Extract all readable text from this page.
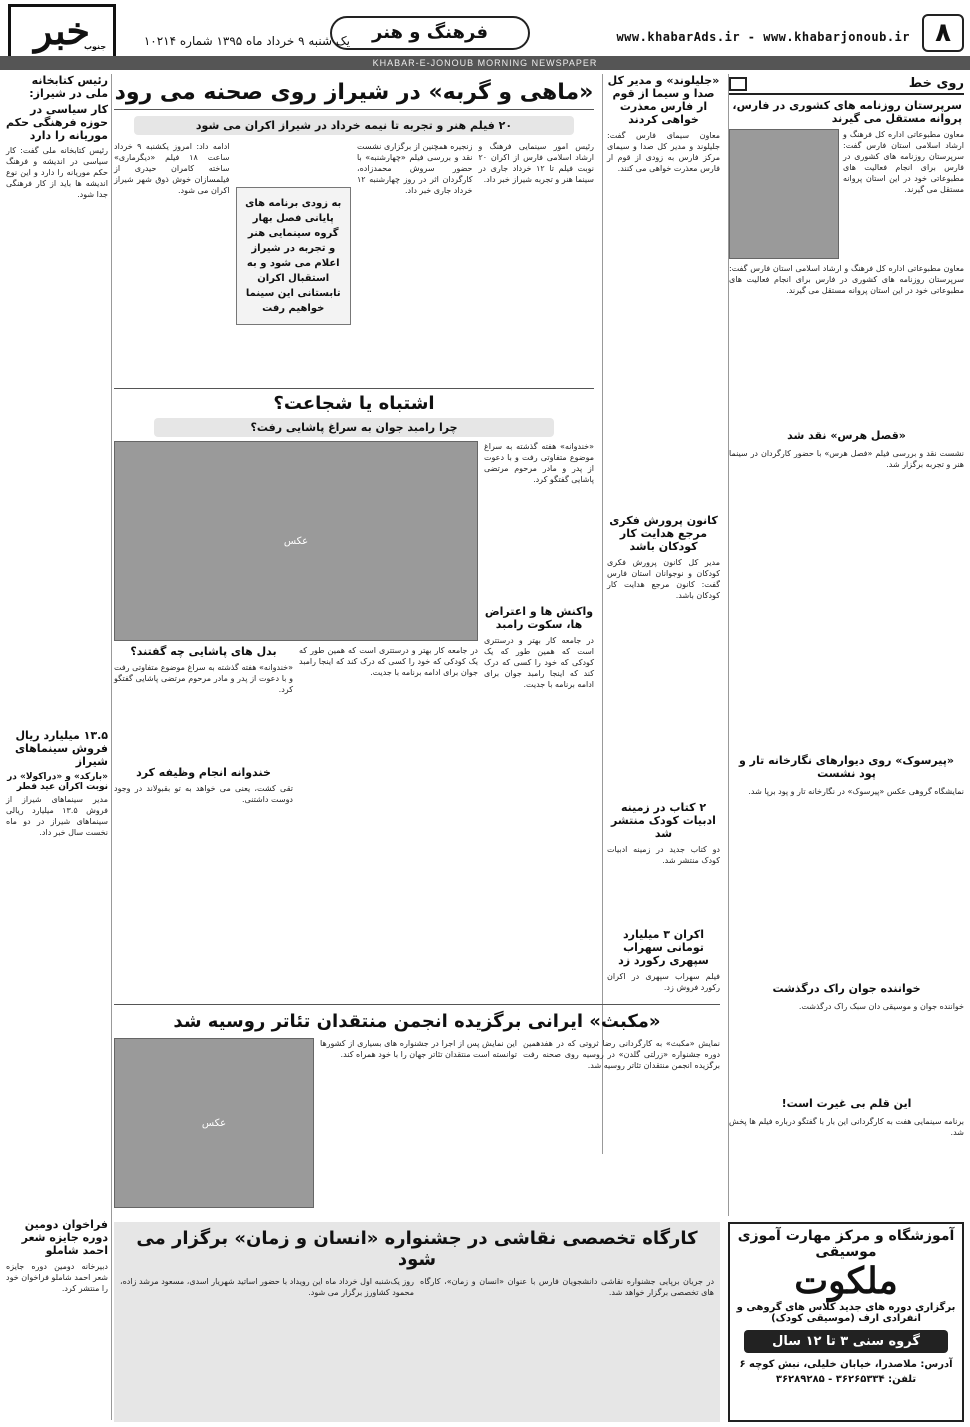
۸
www.khabarAds.ir - www.khabarjonoub.ir
فرهنگ و هنر
یک شنبه ۹ خرداد ماه ۱۳۹۵ شماره ۱۰۲۱۴
خبر
جنوب
KHABAR-E-JONOUB MORNING NEWSPAPER
روی خط
سرپرستان روزنامه های کشوری در فارس، پروانه مستقل می گیرند
معاون مطبوعاتی اداره کل فرهنگ و ارشاد اسلامی استان فارس گفت: سرپرستان روزنامه های کشوری در فارس برای انجام فعالیت های مطبوعاتی خود در این استان پروانه مستقل می گیرند.
معاون مطبوعاتی اداره کل فرهنگ و ارشاد اسلامی استان فارس گفت: سرپرستان روزنامه های کشوری در فارس برای انجام فعالیت های مطبوعاتی خود در این استان پروانه مستقل می گیرند.
«قصل هرس» نقد شد
نشست نقد و بررسی فیلم «فصل هرس» با حضور کارگردان در سینما هنر و تجربه برگزار شد.
«پیرسوک» روی دیوارهای نگارخانه تار و پود نشست
نمایشگاه گروهی عکس «پیرسوک» در نگارخانه تار و پود برپا شد.
خواننده جوان راک درگذشت
خواننده جوان و موسیقی دان سبک راک درگذشت.
این قلم بی غیرت است!
برنامه سینمایی هفت به کارگردانی این بار با گفتگو درباره فیلم ها پخش شد.
آموزشگاه و مرکز مهارت آموزی موسیقی
ملکوت
برگزاری دوره های جدید کلاس های گروهی و انفرادی ارف (موسیقی کودک)
گروه سنی ۳ تا ۱۲ سال
آدرس: ملاصدرا، خیابان خلیلی، نبش کوچه ۶
تلفن: ۳۶۲۶۵۳۳۴ - ۳۶۲۸۹۲۸۵
«جلیلوند» و مدیر کل صدا و سیما از قوم ار فارس معذرت خواهی کردند
معاون سیمای فارس گفت: جلیلوند و مدیر کل صدا و سیمای مرکز فارس به زودی از قوم ار فارس معذرت خواهی می کنند.
کانون پرورش فکری مرجع هدایت کار کودکان باشد
مدیر کل کانون پرورش فکری کودکان و نوجوانان استان فارس گفت: کانون مرجع هدایت کار کودکان باشد.
۲ کتاب در زمینه ادبیات کودک منتشر شد
دو کتاب جدید در زمینه ادبیات کودک منتشر شد.
اکران ۳ میلیارد تومانی سهراب سپهری رکورد زد
فیلم سهراب سپهری در اکران رکورد فروش زد.
«ماهی و گربه» در شیراز روی صحنه می رود
۲۰ فیلم هنر و تجربه تا نیمه خرداد در شیراز اکران می شود
رئیس امور سینمایی فرهنگ و ارشاد اسلامی فارس از اکران ۲۰ نوبت فیلم تا ۱۲ خرداد جاری در سینما هنر و تجربه شیراز خبر داد.
زنجیره همچنین از برگزاری نشست نقد و بررسی فیلم «چهارشنبه» با حضور سروش محمدزاده، کارگردان اثر در روز چهارشنبه ۱۲ خرداد جاری خبر داد.
به زودی برنامه های پایانی فصل بهار گروه سینمایی هنر و تجربه در شیراز اعلام می شود و به استقبال اکران تابستانی این سینما خواهیم رفت
ادامه داد: امروز یکشنبه ۹ خرداد ساعت ۱۸ فیلم «دیگرماری» ساخته کامران حیدری از فیلمسازان خوش ذوق شهر شیراز اکران می شود.
اشتباه یا شجاعت؟
چرا رامبد جوان به سراغ پاشایی رفت؟
«خندوانه» هفته گذشته به سراغ موضوع متفاوتی رفت و با دعوت از پدر و مادر مرحوم مرتضی پاشایی گفتگو کرد.
واکنش ها و اعتراض ها، سکوت رامبد
در جامعه کار بهتر و درستتری است که همین طور که یک کودکی که خود را کسی که درک کند که اینجا رامبد جوان برای ادامه برنامه با جدیت.
عکس
در جامعه کار بهتر و درستتری است که همین طور که یک کودکی که خود را کسی که درک کند که اینجا رامبد جوان برای ادامه برنامه با جدیت.
بدل های پاشایی چه گفتند؟
«خندوانه» هفته گذشته به سراغ موضوع متفاوتی رفت و با دعوت از پدر و مادر مرحوم مرتضی پاشایی گفتگو کرد.
خندوانه انجام وظیفه کرد
تقی کشت، یعنی می خواهد به تو بقبولاند در وجود دوست داشتنی.
«مکبث» ایرانی برگزیده انجمن منتقدان تئاتر روسیه شد
نمایش «مکبث» به کارگردانی رضا ثروتی که در هفدهمین دوره جشنواره «زرلتی گلدن» در روسیه روی صحنه رفت برگزیده انجمن منتقدان تئاتر روسیه شد.
این نمایش پس از اجرا در جشنواره های بسیاری از کشورها توانسته است منتقدان تئاتر جهان را با خود همراه کند.
عکس
کارگاه تخصصی نقاشی در جشنواره «انسان و زمان» برگزار می شود
در جریان برپایی جشنواره نقاشی دانشجویان فارس با عنوان «انسان و زمان»، کارگاه های تخصصی برگزار خواهد شد.
روز یک‌شنبه اول خرداد ماه این رویداد با حضور اساتید شهریار اسدی، مسعود مرشد زاده، محمود کشاورز برگزار می شود.
رئیس کتابخانه ملی در شیراز:
کار سیاسی در حوزه فرهنگی حکم موریانه را دارد
رئیس کتابخانه ملی گفت: کار سیاسی در اندیشه و فرهنگ حکم موریانه را دارد و این نوع اندیشه ها باید از کار فرهنگی جدا شود.
۱۳.۵ میلیارد ریال فروش سینماهای شیراز
«بارکد» و «دراکولا» در نوبت اکران عید فطر
مدیر سینماهای شیراز از فروش ۱۳.۵ میلیارد ریالی سینماهای شیراز در دو ماه نخست سال خبر داد.
فراخوان دومین دوره جایزه شعر احمد شاملو
دبیرخانه دومین دوره جایزه شعر احمد شاملو فراخوان خود را منتشر کرد.
